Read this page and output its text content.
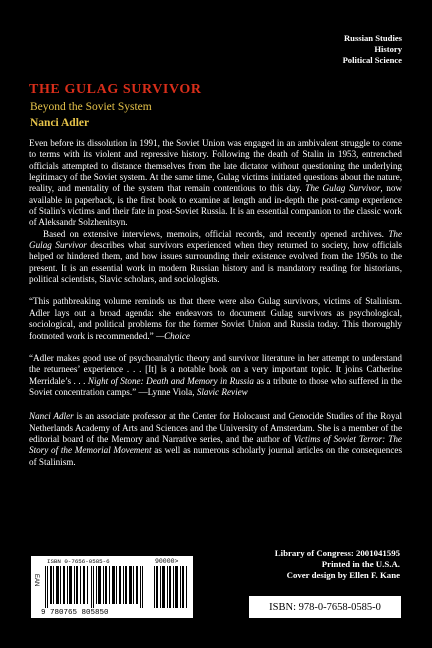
Russian Studies
History
Political Science
THE GULAG SURVIVOR
Beyond the Soviet System
Nanci Adler

Even before its dissolution in 1991, the Soviet Union was engaged in an ambivalent struggle to come to terms with its violent and repressive history. Following the death of Stalin in 1953, entrenched officials attempted to distance themselves from the late dictator without questioning the underlying legitimacy of the Soviet system. At the same time, Gulag victims initiated questions about the nature, reality, and mentality of the system that remain contentious to this day. The Gulag Survivor, now available in paperback, is the first book to examine at length and in-depth the post-camp experience of Stalin's victims and their fate in post-Soviet Russia. It is an essential companion to the classic work of Aleksandr Solzhenitsyn.

Based on extensive interviews, memoirs, official records, and recently opened archives. The Gulag Survivor describes what survivors experienced when they returned to society, how officials helped or hindered them, and how issues surrounding their existence evolved from the 1950s to the present. It is an essential work in modern Russian history and is mandatory reading for historians, political scientists, Slavic scholars, and sociologists.

“This pathbreaking volume reminds us that there were also Gulag survivors, victims of Stalinism. Adler lays out a broad agenda: she endeavors to document Gulag survivors as psychological, sociological, and political problems for the former Soviet Union and Russia today. This thoroughly footnoted work is recommended.” —Choice

“Adler makes good use of psychoanalytic theory and survivor literature in her attempt to understand the returnees’ experience . . . [It] is a notable book on a very important topic. It joins Catherine Merridale’s . . . Night of Stone: Death and Memory in Russia as a tribute to those who suffered in the Soviet concentration camps.” —Lynne Viola, Slavic Review

Nanci Adler is an associate professor at the Center for Holocaust and Genocide Studies of the Royal Netherlands Academy of Arts and Sciences and the University of Amsterdam. She is a member of the editorial board of the Memory and Narrative series, and the author of Victims of Soviet Terror: The Story of the Memorial Movement as well as numerous scholarly journal articles on the consequences of Stalinism.

ISBN 0-7656-0585-6	90000>
EAN
9 780765 805850
Library of Congress: 2001041595
Printed in the U.S.A.
Cover design by Ellen F. Kane
ISBN: 978-0-7658-0585-0
